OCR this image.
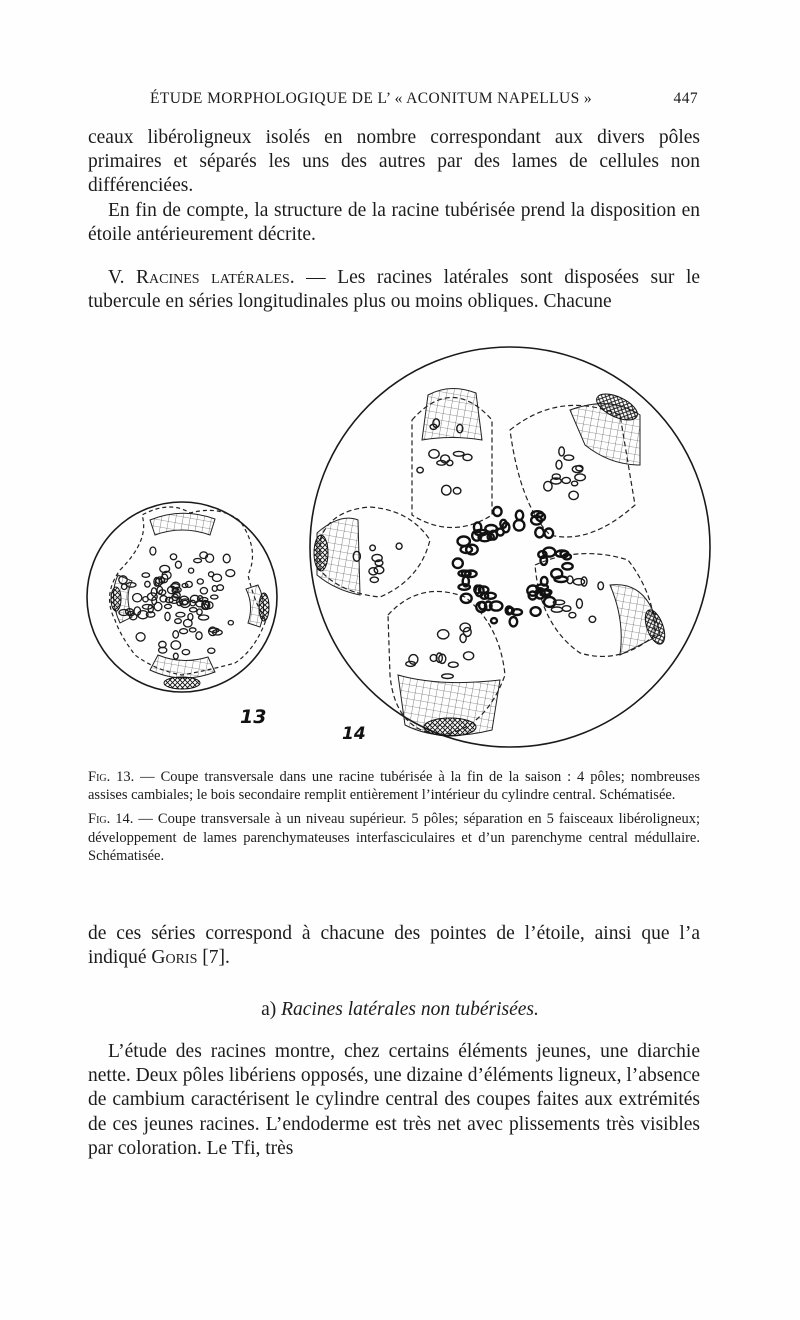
ÉTUDE MORPHOLOGIQUE DE L’ « ACONITUM NAPELLUS »	447

ceaux libéroligneux isolés en nombre correspondant aux divers pôles primaires et séparés les uns des autres par des lames de cellules non différenciées.

En fin de compte, la structure de la racine tubérisée prend la disposition en étoile antérieurement décrite.

V. Racines latérales. — Les racines latérales sont disposées sur le tubercule en séries longitudinales plus ou moins obliques. Chacune

13
14

Fig. 13. — Coupe transversale dans une racine tubérisée à la fin de la saison : 4 pôles; nombreuses assises cambiales; le bois secondaire remplit entièrement l’intérieur du cylindre central. Schématisée.

Fig. 14. — Coupe transversale à un niveau supérieur. 5 pôles; séparation en 5 faisceaux libéroligneux; développement de lames parenchymateuses interfasciculaires et d’un parenchyme central médullaire. Schématisée.

de ces séries correspond à chacune des pointes de l’étoile, ainsi que l’a indiqué Goris [7].

a) Racines latérales non tubérisées.

L’étude des racines montre, chez certains éléments jeunes, une diarchie nette. Deux pôles libériens opposés, une dizaine d’éléments ligneux, l’absence de cambium caractérisent le cylindre central des coupes faites aux extrémités de ces jeunes racines. L’endoderme est très net avec plissements très visibles par coloration. Le Tfi, très
